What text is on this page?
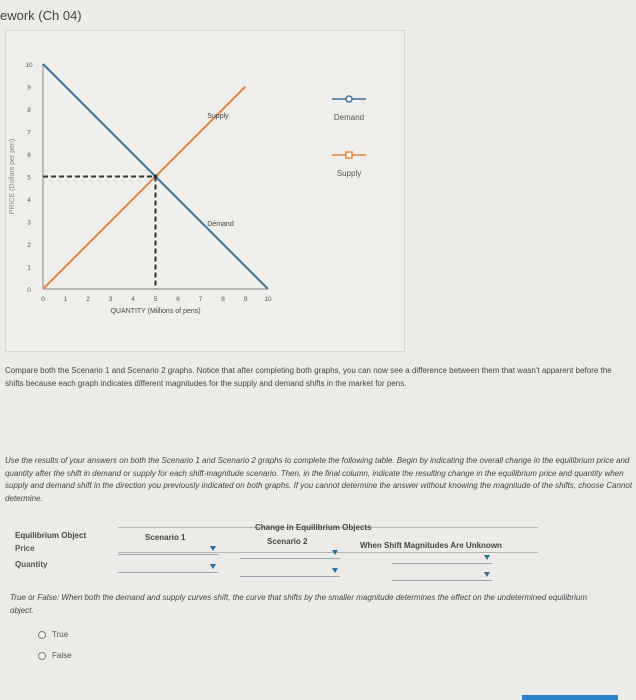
ework (Ch 04)
0
1
2
3
4
5
6
7
8
9
10
0	1	2	3	4	5	6	7	8	9	10
QUANTITY (Millions of pens)
PRICE (Dollars per pen)
Supply
Demand
Demand
Supply
Compare both the Scenario 1 and Scenario 2 graphs. Notice that after completing both graphs, you can now see a difference between them that wasn't apparent before the shifts because each graph indicates different magnitudes for the supply and demand shifts in the market for pens.
Use the results of your answers on both the Scenario 1 and Scenario 2 graphs to complete the following table. Begin by indicating the overall change in the equilibrium price and quantity after the shift in demand or supply for each shift-magnitude scenario. Then, in the final column, indicate the resulting change in the equilibrium price and quantity when supply and demand shift in the direction you previously indicated on both graphs. If you cannot determine the answer without knowing the magnitude of the shifts, choose Cannot determine.
Change in Equilibrium Objects
Equilibrium Object	Scenario 1	Scenario 2	When Shift Magnitudes Are Unknown
Price
Quantity
True or False: When both the demand and supply curves shift, the curve that shifts by the smaller magnitude determines the effect on the undetermined equilibrium object.
True
False
